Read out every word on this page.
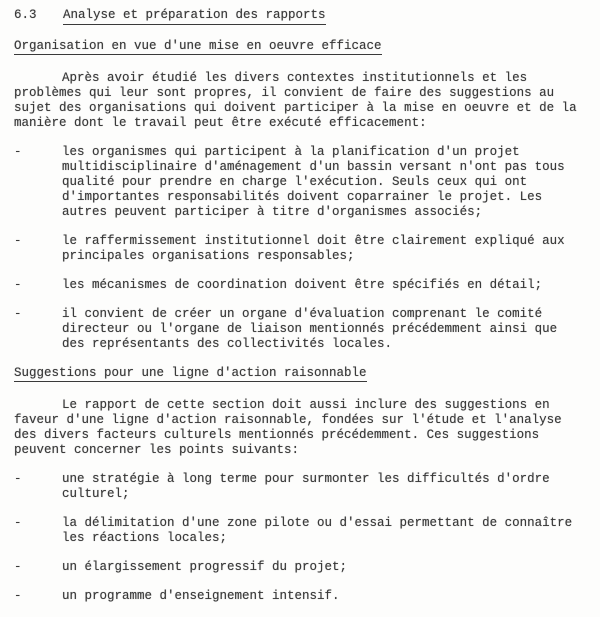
6.3	Analyse et préparation des rapports
Organisation en vue d'une mise en oeuvre efficace
Après avoir étudié les divers contextes institutionnels et les
problèmes qui leur sont propres, il convient de faire des suggestions au
sujet des organisations qui doivent participer à la mise en oeuvre et de la
manière dont le travail peut être exécuté efficacement:
-	les organismes qui participent à la planification d'un projet
multidisciplinaire d'aménagement d'un bassin versant n'ont pas tous
qualité pour prendre en charge l'exécution. Seuls ceux qui ont
d'importantes responsabilités doivent coparrainer le projet. Les
autres peuvent participer à titre d'organismes associés;
-	le raffermissement institutionnel doit être clairement expliqué aux
principales organisations responsables;
-	les mécanismes de coordination doivent être spécifiés en détail;
-	il convient de créer un organe d'évaluation comprenant le comité
directeur ou l'organe de liaison mentionnés précédemment ainsi que
des représentants des collectivités locales.
Suggestions pour une ligne d'action raisonnable
Le rapport de cette section doit aussi inclure des suggestions en
faveur d'une ligne d'action raisonnable, fondées sur l'étude et l'analyse
des divers facteurs culturels mentionnés précédemment. Ces suggestions
peuvent concerner les points suivants:
-	une stratégie à long terme pour surmonter les difficultés d'ordre
culturel;
-	la délimitation d'une zone pilote ou d'essai permettant de connaître
les réactions locales;
-	un élargissement progressif du projet;
-	un programme d'enseignement intensif.
